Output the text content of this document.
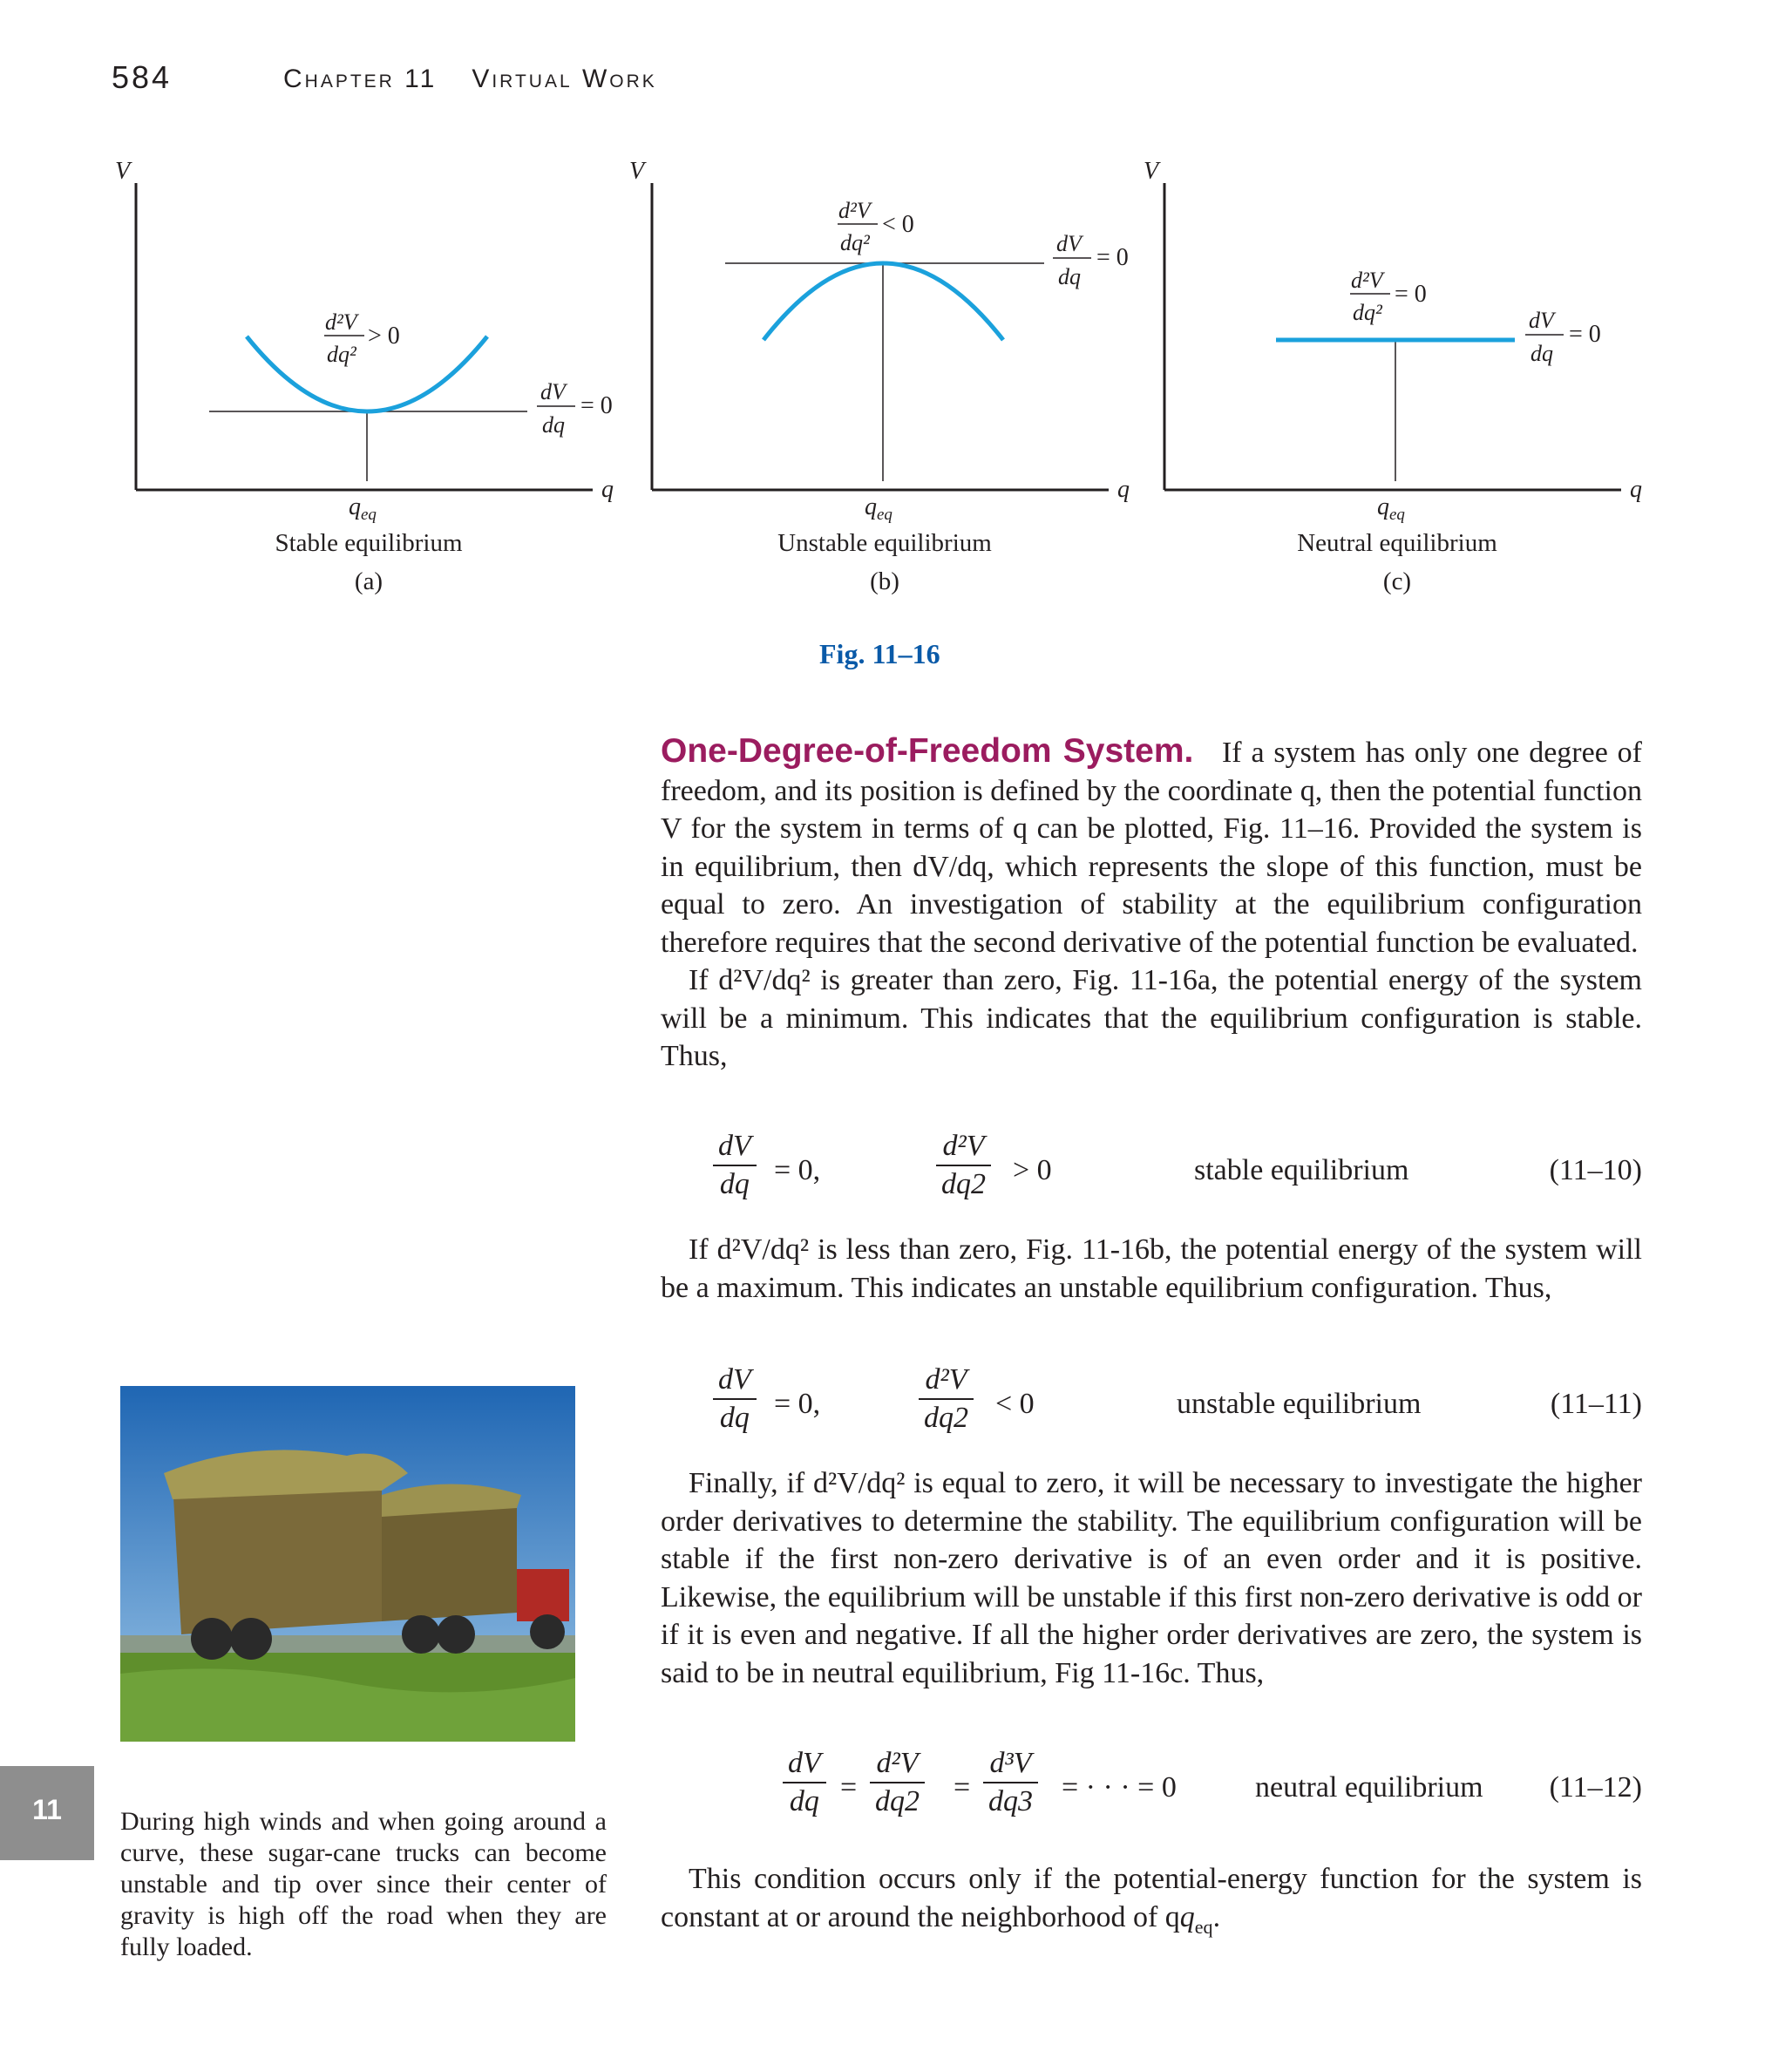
584	Chapter 11 Virtual Work
V
q
d²V
dq²
> 0
dV
dq
= 0
$q_{eq}$
Stable equilibrium
(a)
V
q
d²V
dq²
< 0
dV
dq
= 0
$q_{eq}$
Unstable equilibrium
(b)
V
q
d²V
dq²
= 0
dV
dq
= 0
$q_{eq}$
Neutral equilibrium
(c)
Fig. 11–16

One-Degree-of-Freedom System. If a system has only one degree of freedom, and its position is defined by the coordinate q, then the potential function V for the system in terms of q can be plotted, Fig. 11–16. Provided the system is in equilibrium, then dV/dq, which represents the slope of this function, must be equal to zero. An investigation of stability at the equilibrium configuration therefore requires that the second derivative of the potential function be evaluated.

If d²V/dq² is greater than zero, Fig. 11-16a, the potential energy of the system will be a minimum. This indicates that the equilibrium configuration is stable. Thus,

$\frac{dV}{dq} = 0$,	$\frac{\text{d²V}}{dq2} > 0$	stable equilibrium	(11–10)

If d²V/dq² is less than zero, Fig. 11-16b, the potential energy of the system will be a maximum. This indicates an unstable equilibrium configuration. Thus,

$\frac{dV}{dq} = 0$,	$\frac{\text{d²V}}{dq2} < 0$	unstable equilibrium	(11–11)

Finally, if d²V/dq² is equal to zero, it will be necessary to investigate the higher order derivatives to determine the stability. The equilibrium configuration will be stable if the first non-zero derivative is of an even order and it is positive. Likewise, the equilibrium will be unstable if this first non-zero derivative is odd or if it is even and negative. If all the higher order derivatives are zero, the system is said to be in neutral equilibrium, Fig 11-16c. Thus,

$\frac{dV}{dq} = \frac{\text{d²V}}{dq2} = \frac{\text{d³V}}{dq3}$ = · · · = 0	neutral equilibrium (11–12)

This condition occurs only if the potential-energy function for the system is constant at or around the neighborhood of $qq_{eq}$.

During high winds and when going around a curve, these sugar-cane trucks can become unstable and tip over since their center of gravity is high off the road when they are fully loaded.
11
